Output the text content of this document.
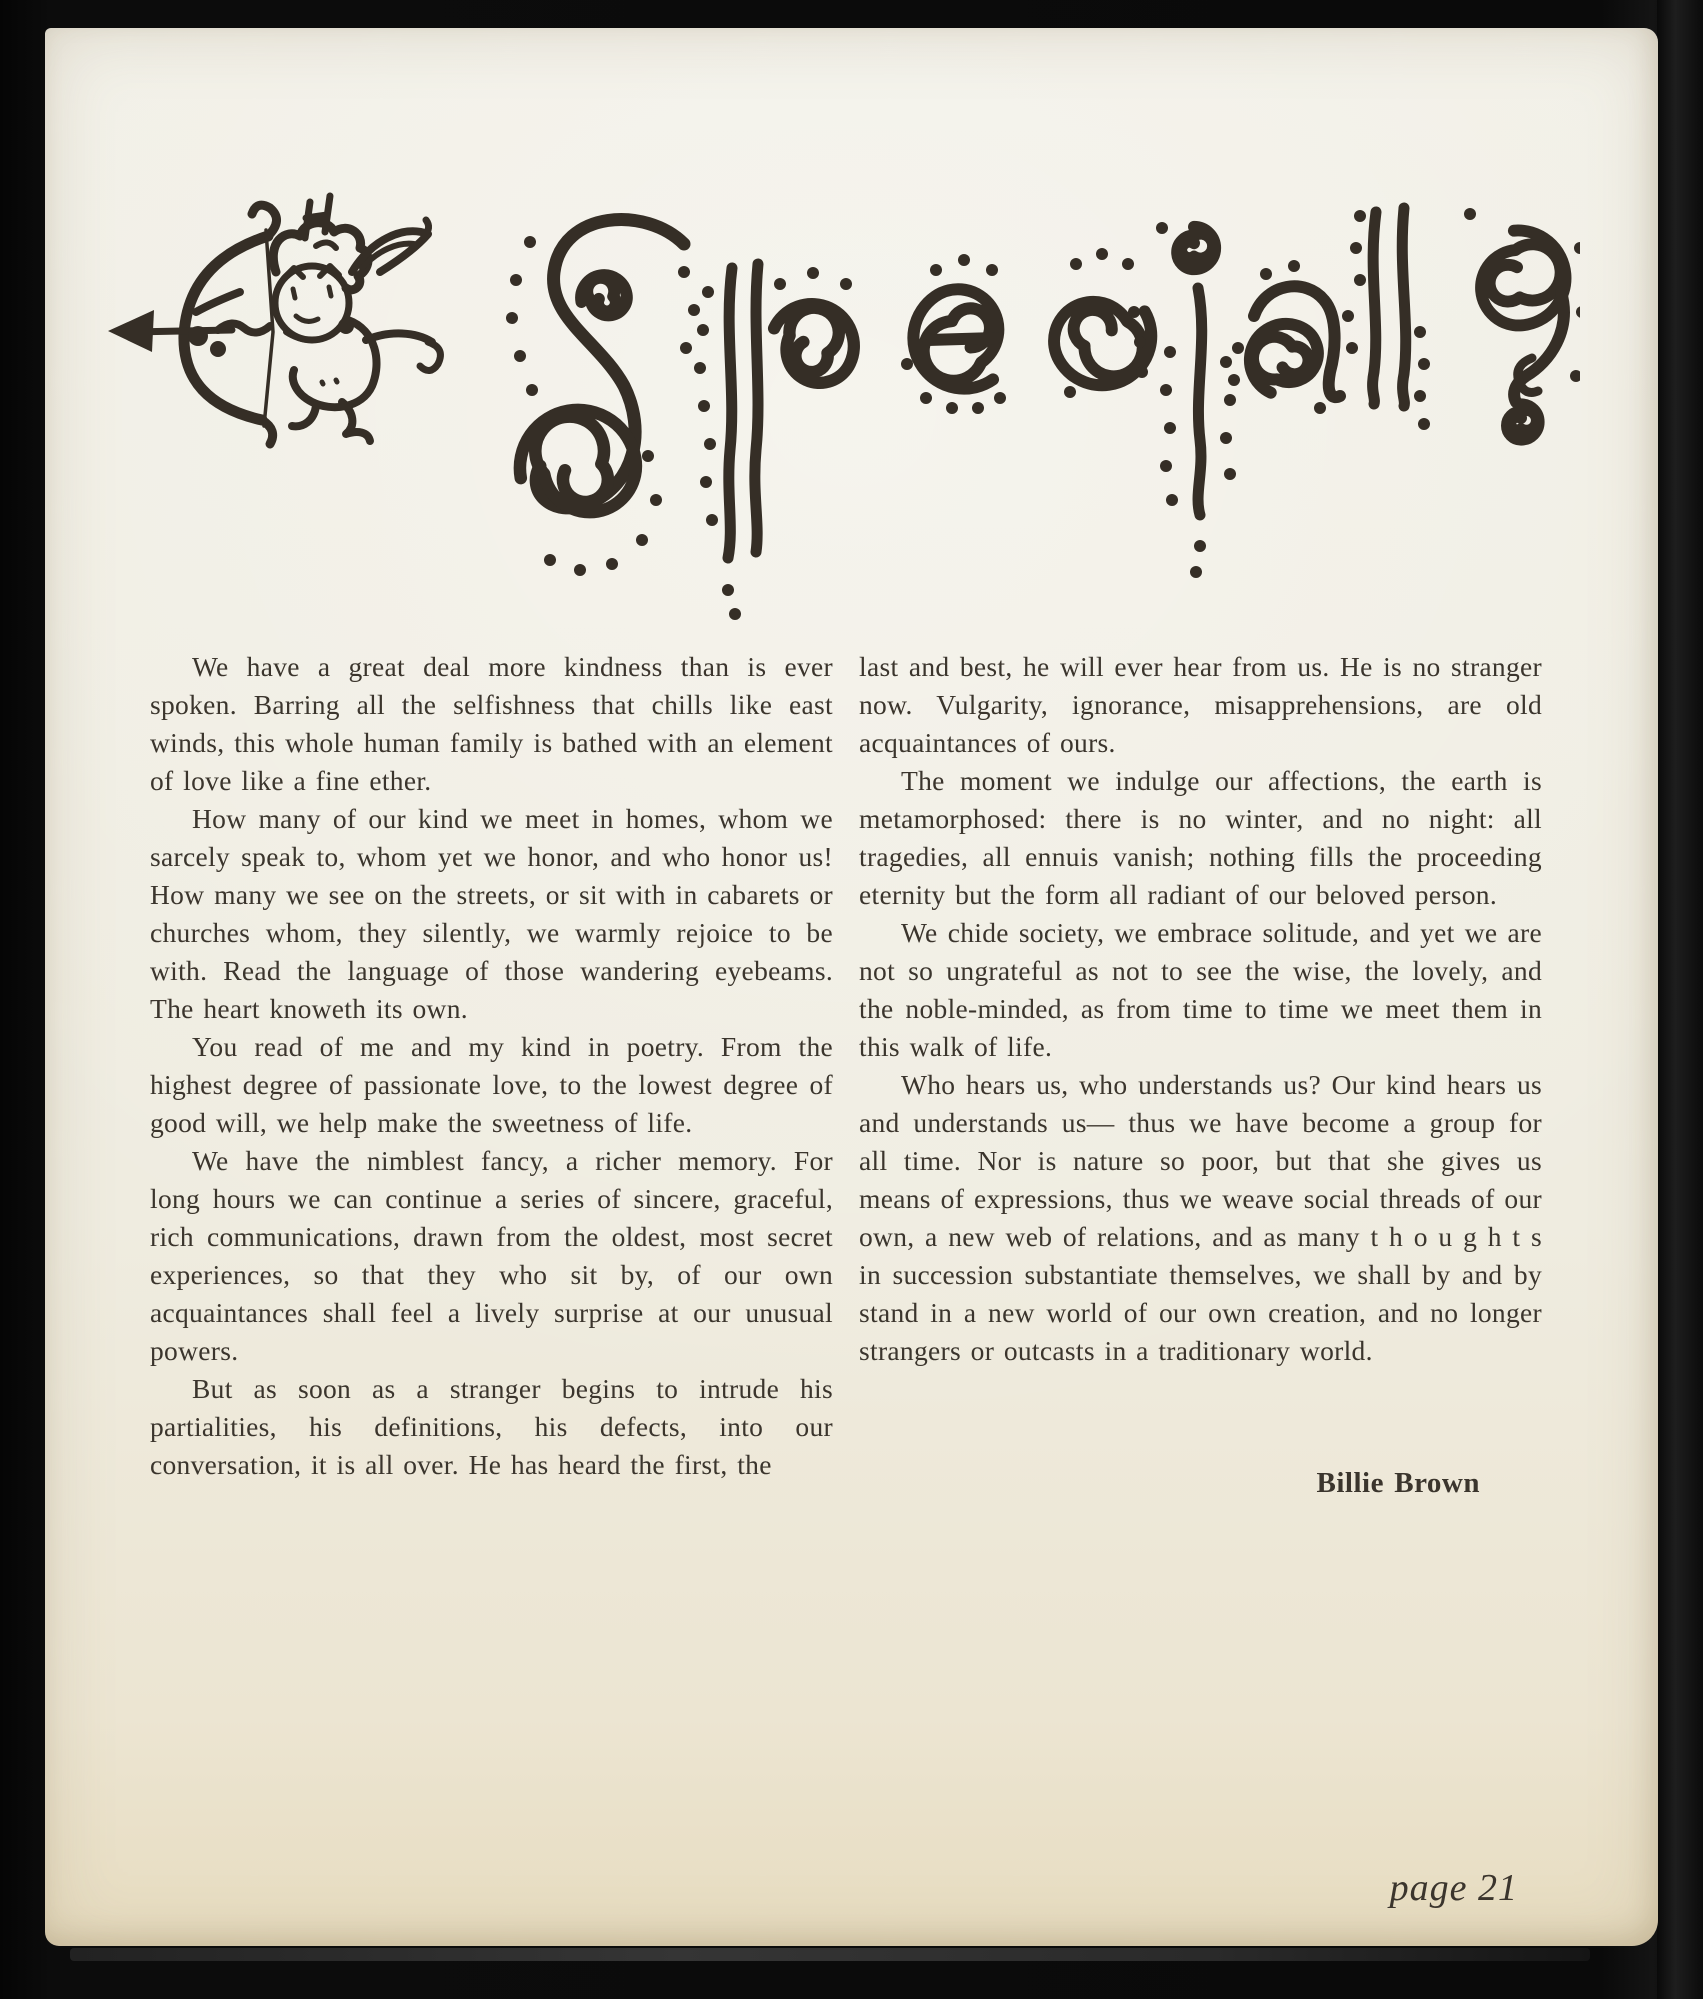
We have a great deal more kindness than is ever spoken. Barring all the selfishness that chills like east winds, this whole human family is bathed with an element of love like a fine ether.

How many of our kind we meet in homes, whom we sarcely speak to, whom yet we honor, and who honor us! How many we see on the streets, or sit with in cabarets or churches whom, they silently, we warmly rejoice to be with. Read the language of those wandering eyebeams. The heart knoweth its own.

You read of me and my kind in poetry. From the highest degree of passionate love, to the lowest degree of good will, we help make the sweetness of life.

We have the nimblest fancy, a richer memory. For long hours we can continue a series of sincere, graceful, rich communications, drawn from the oldest, most secret experiences, so that they who sit by, of our own acquaintances shall feel a lively surprise at our unusual powers.

But as soon as a stranger begins to intrude his partialities, his definitions, his defects, into our conversation, it is all over. He has heard the first, the

last and best, he will ever hear from us. He is no stranger now. Vulgarity, ignorance, misapprehensions, are old acquaintances of ours.

The moment we indulge our affections, the earth is metamorphosed: there is no winter, and no night: all tragedies, all ennuis vanish; nothing fills the proceeding eternity but the form all radiant of our beloved person.

We chide society, we embrace solitude, and yet we are not so ungrateful as not to see the wise, the lovely, and the noble-minded, as from time to time we meet them in this walk of life.

Who hears us, who understands us? Our kind hears us and understands us— thus we have become a group for all time. Nor is nature so poor, but that she gives us means of expressions, thus we weave social threads of our own, a new web of relations, and as many t h o u g h t s in succession substantiate themselves, we shall by and by stand in a new world of our own creation, and no longer strangers or outcasts in a traditionary world.

Billie Brown

page 21
